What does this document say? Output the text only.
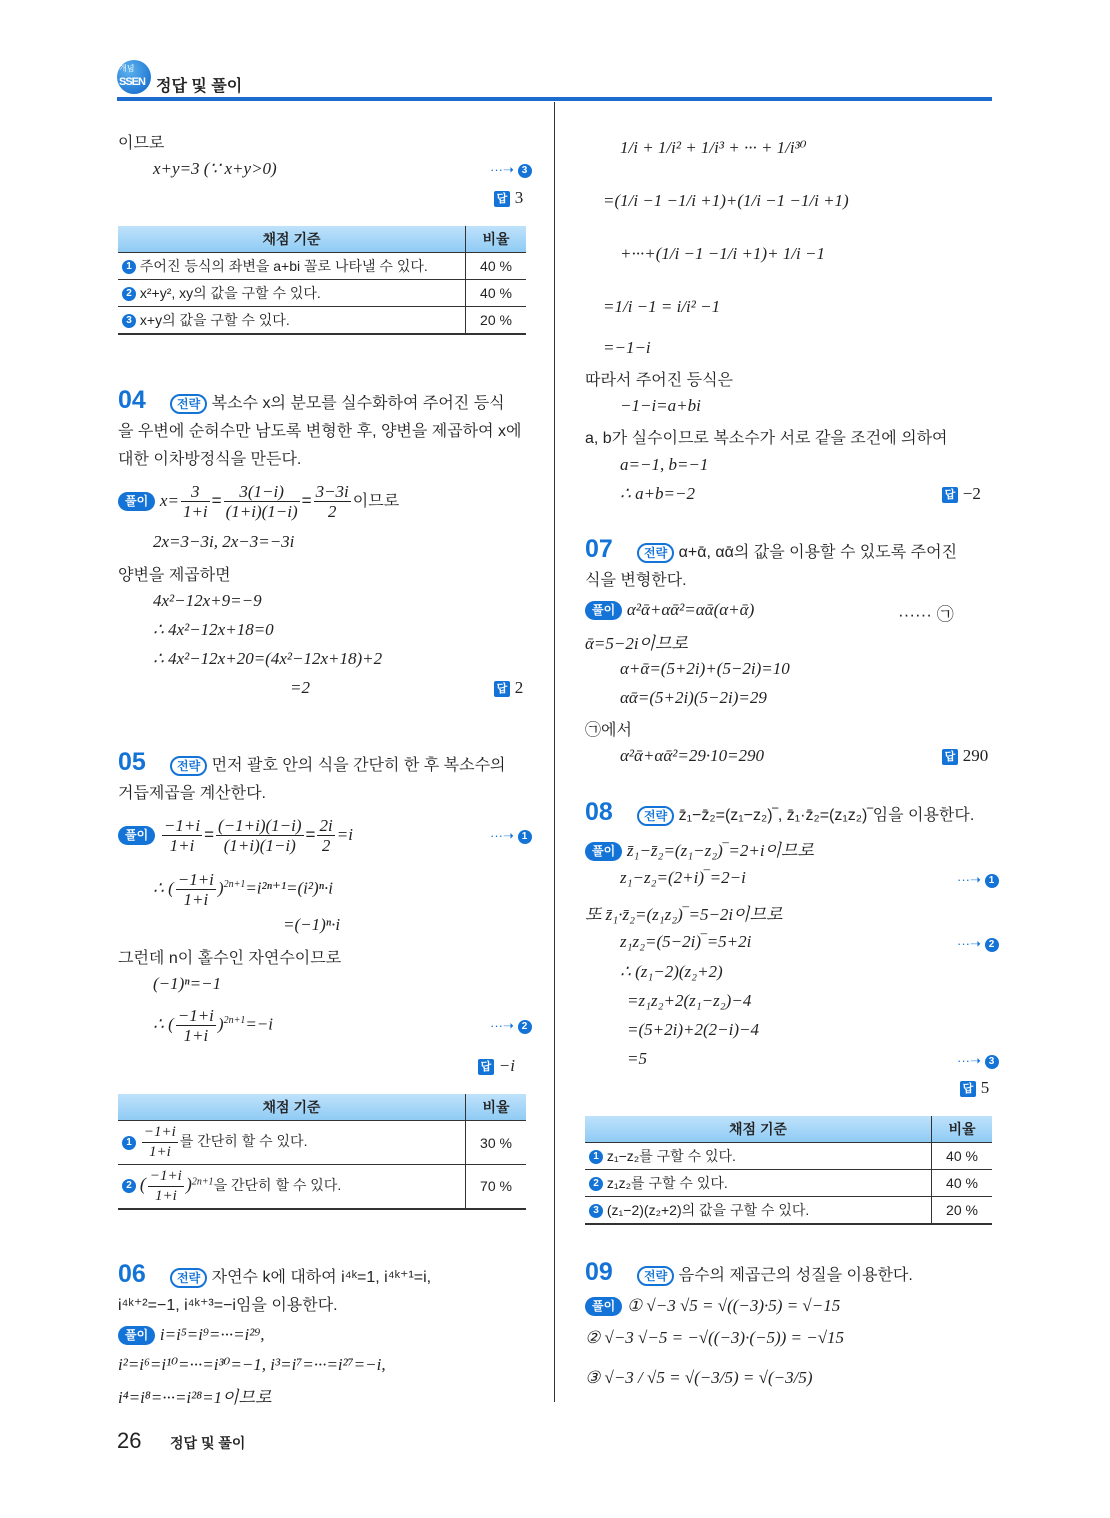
개념
SSEN 정답 및 풀이
이므로
x+y=3 (∵ x+y>0)	···➝ 3
답 3
채점 기준	비율
1 주어진 등식의 좌변을 a+bi 꼴로 나타낼 수 있다.	40 %
2 x²+y², xy의 값을 구할 수 있다.	40 %
3 x+y의 값을 구할 수 있다.	20 %
04	전략 복소수 x의 분모를 실수화하여 주어진 등식
을 우변에 순허수만 남도록 변형한 후, 양변을 제곱하여 x에
대한 이차방정식을 만든다.
풀이 $x= \frac{3}{1+i} = \frac{3(1-i)}{(1+i)(1-i)} = \frac{3-3i}{2}$ 이므로
2x=3−3i, 2x−3=−3i
양변을 제곱하면
4x²−12x+9=−9
∴ 4x²−12x+18=0
∴ 4x²−12x+20=(4x²−12x+18)+2
=2	답 2
05	전략 먼저 괄호 안의 식을 간단히 한 후 복소수의
거듭제곱을 계산한다.
풀이 $\frac{-1+i}{1+i} = \frac{(-1+i)(1-i)}{(1+i)(1-i)} = \frac{2i}{2} =i$	···➝ 1
∴ ( $\frac{-1+i}{1+i} )^{2n+1}=i^{2n+1}=(i^2)^n\cdot i$
=(−1)ⁿ·i
그런데 n이 홀수인 자연수이므로
(−1)ⁿ=−1
∴ ( $\frac{-1+i}{1+i} )^{2n+1}=-i$	···➝ 2
답 −i
채점 기준	비율
$1 \frac{-1+i}{1+i}$ 를 간단히 할 수 있다.	30 %
2 ( $\frac{-1+i}{1+i} )^{2n+1}$을 간단히 할 수 있다.	70 %
06	전략 자연수 k에 대하여 i⁴ᵏ=1, i⁴ᵏ⁺¹=i,
i⁴ᵏ⁺²=−1, i⁴ᵏ⁺³=−i임을 이용한다.
풀이 i=i⁵=i⁹=···=i²⁹,
i²=i⁶=i¹⁰=···=i³⁰=−1, i³=i⁷=···=i²⁷=−i,
i⁴=i⁸=···=i²⁸=1이므로
1/i + 1/i² + 1/i³ + ··· + 1/i³⁰
=(1/i −1 −1/i +1)+(1/i −1 −1/i +1)
+···+(1/i −1 −1/i +1)+ 1/i −1
=1/i −1 = i/i² −1
=−1−i
따라서 주어진 등식은
−1−i=a+bi
a, b가 실수이므로 복소수가 서로 같을 조건에 의하여
a=−1, b=−1
∴ a+b=−2	답 −2
07	전략 α+ᾱ, αᾱ의 값을 이용할 수 있도록 주어진
식을 변형한다.
풀이 α²ᾱ+αᾱ²=αᾱ(α+ᾱ)	······ ㉠
ᾱ=5−2i이므로
α+ᾱ=(5+2i)+(5−2i)=10
αᾱ=(5+2i)(5−2i)=29
㉠에서
α²ᾱ+αᾱ²=29·10=290	답 290
08	전략 z̄₁−z̄₂=(z₁−z₂)‾, z̄₁·z̄₂=(z₁z₂)‾임을 이용한다.
풀이 z̄₁−z̄₂=(z₁−z₂)‾=2+i이므로
z₁−z₂=(2+i)‾=2−i	···➝ 1
또 z̄₁·z̄₂=(z₁z₂)‾=5−2i이므로
z₁z₂=(5−2i)‾=5+2i	···➝ 2
∴ (z₁−2)(z₂+2)
=z₁z₂+2(z₁−z₂)−4
=(5+2i)+2(2−i)−4
=5	···➝ 3
답 5
채점 기준	비율
1 z₁−z₂를 구할 수 있다.	40 %
2 z₁z₂를 구할 수 있다.	40 %
3 (z₁−2)(z₂+2)의 값을 구할 수 있다.	20 %
09	전략 음수의 제곱근의 성질을 이용한다.
풀이 ① √−3 √5 = √((−3)·5) = √−15
② √−3 √−5 = −√((−3)·(−5)) = −√15
③ √−3 / √5 = √(−3/5) = √(−3/5)
26 정답 및 풀이
